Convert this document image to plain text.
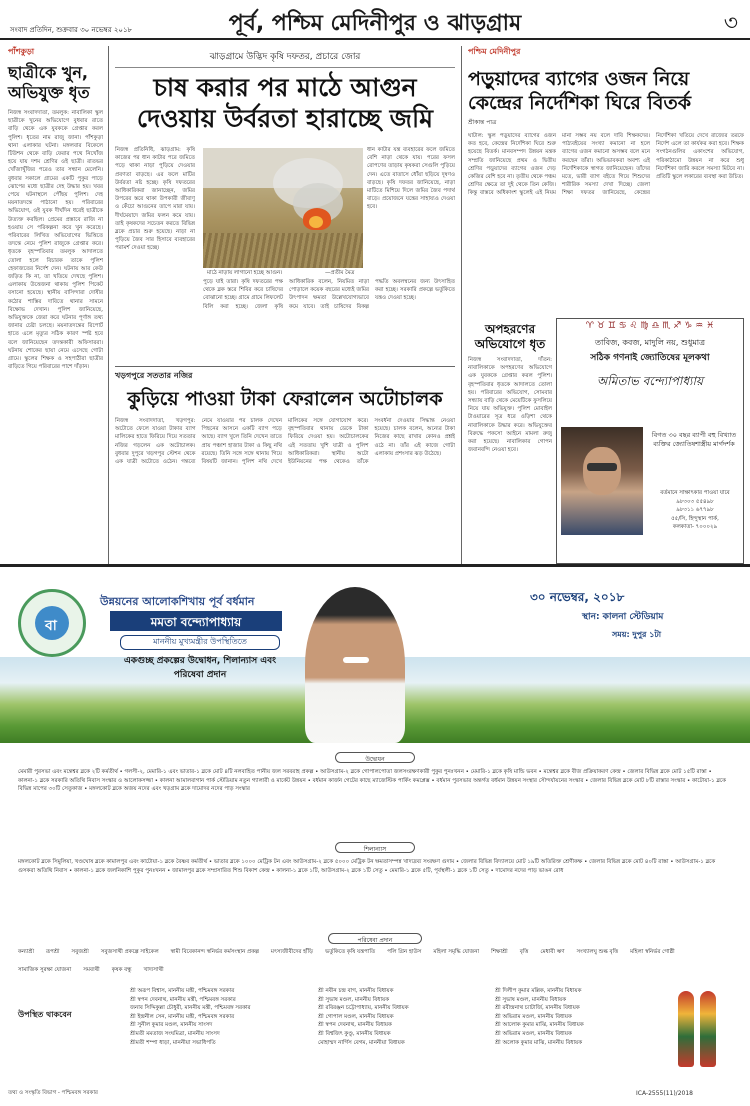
সংবাদ প্রতিদিন, শুক্রবার ৩০ নভেম্বর ২০১৮	পূর্ব, পশ্চিম মেদিনীপুর ও ঝাড়গ্রাম	৩
পাঁশকুড়া
ছাত্রীকে খুন, অভিযুক্ত ধৃত
নিজস্ব সংবাদদাতা, তমলুক: নাবালিকা স্কুল ছাত্রীকে খুনের অভিযোগে বুধবার রাতে বাড়ি থেকে এক যুবককে গ্রেপ্তার করল পুলিশ। ধৃতের নাম রাজু জানা। পাঁশকুড়া থানা এলাকার ঘটনা। মঙ্গলবার বিকেলে টিউশন থেকে বাড়ি ফেরার পথে নিখোঁজ হয়ে যায় দশম শ্রেণির ওই ছাত্রী। রাতভর খোঁজাখুঁজির পরেও তার সন্ধান মেলেনি। বুধবার সকালে গ্রামের একটি পুকুর পাড়ে ঝোপের মধ্যে ছাত্রীর দেহ উদ্ধার হয়। খবর পেয়ে ঘটনাস্থলে পৌঁছয় পুলিশ। দেহ ময়নাতদন্তে পাঠানো হয়। পরিবারের অভিযোগ, ওই যুবক দীর্ঘদিন ধরেই ছাত্রীকে উত্যক্ত করছিল। প্রেমের প্রস্তাবে রাজি না হওয়ায় সে পরিকল্পনা করে খুন করেছে। পরিবারের লিখিত অভিযোগের ভিত্তিতে তদন্তে নেমে পুলিশ রাজুকে গ্রেপ্তার করে। ধৃতকে বৃহস্পতিবার তমলুক আদালতে তোলা হলে বিচারক তাকে পুলিশ হেফাজতের নির্দেশ দেন। ঘটনায় আর কেউ জড়িত কি না, তা খতিয়ে দেখছে পুলিশ। এলাকায় উত্তেজনা থাকায় পুলিশ পিকেট বসানো হয়েছে। স্থানীয় বাসিন্দারা দোষীর কঠোর শাস্তির দাবিতে থানার সামনে বিক্ষোভ দেখান। পুলিশ জানিয়েছে, অভিযুক্তকে জেরা করে ঘটনার পূর্ণাঙ্গ তথ্য জানার চেষ্টা চলছে। ময়নাতদন্তের রিপোর্ট হাতে এলে মৃত্যুর সঠিক কারণ স্পষ্ট হবে বলে জানিয়েছেন তদন্তকারী অফিসাররা। ঘটনায় শোকের ছায়া নেমে এসেছে গোটা গ্রামে। স্কুলের শিক্ষক ও সহপাঠীরা ছাত্রীর বাড়িতে গিয়ে পরিবারের পাশে দাঁড়ান।
ঝাড়গ্রামে উদ্ভিদ কৃষি দফতর, প্রচারে জোর
চাষ করার পর মাঠে আগুন
দেওয়ায় উর্বরতা হারাচ্ছে জমি
নিজস্ব প্রতিনিধি, ঝাড়গ্রাম: কৃষি কাজের পর ধান কাটার পরে জমিতে পড়ে থাকা নাড়া পুড়িয়ে দেওয়ার প্রবণতা বাড়ছে। এর ফলে মাটির উর্বরতা নষ্ট হচ্ছে। কৃষি দফতরের আধিকারিকরা জানাচ্ছেন, জমির উপরের স্তরে থাকা উপকারী জীবাণু ও কেঁচো আগুনের তাপে মারা যায়। দীর্ঘমেয়াদে জমির ফলন কমে যায়। তাই কৃষকদের সচেতন করতে বিভিন্ন ব্লকে প্রচার শুরু হয়েছে। নাড়া না পুড়িয়ে জৈব সার হিসাবে ব্যবহারের পরামর্শ দেওয়া হচ্ছে।
মাঠে নাড়ায় লাগানো হচ্ছে আগুন।	—প্রতীম মৈত্র
ধান কাটার যন্ত্র ব্যবহারের ফলে জমিতে বেশি নাড়া থেকে যায়। পরের ফসল রোপণের তাড়ায় কৃষকরা সেগুলি পুড়িয়ে দেন। এতে বাতাসে ধোঁয়া ছড়িয়ে দূষণও বাড়ছে। কৃষি দফতর জানিয়েছে, নাড়া মাটিতে মিশিয়ে দিলে জমির জৈব পদার্থ বাড়ে। প্রয়োজনে যন্ত্রের সাহায্যও দেওয়া হবে।
পুড়ে যাই তারা। কৃষি দফতরের পক্ষ থেকে ব্লক স্তরে শিবির করে চাষিদের বোঝানো হচ্ছে। গ্রামে গ্রামে লিফলেট বিলি করা হচ্ছে। জেলা কৃষি আধিকারিক বলেন, নিয়মিত নাড়া পোড়ালে কয়েক বছরের মধ্যেই জমির উৎপাদন ক্ষমতা উল্লেখযোগ্যভাবে কমে যাবে। তাই চাষিদের বিকল্প পদ্ধতি অবলম্বনের জন্য উৎসাহিত করা হচ্ছে। সরকারি প্রকল্পে ভর্তুকিতে যন্ত্রও দেওয়া হচ্ছে।
খড়গপুরে সততার নজির
কুড়িয়ে পাওয়া টাকা ফেরালেন অটোচালক
নিজস্ব সংবাদদাতা, খড়গপুর: অটোতে ফেলে যাওয়া টাকার ব্যাগ মালিকের হাতে ফিরিয়ে দিয়ে সততার নজির গড়লেন এক অটোচালক। বুধবার দুপুরে খড়গপুর স্টেশন থেকে এক যাত্রী অটোতে ওঠেন। গন্তব্যে নেমে যাওয়ার পর চালক দেখেন পিছনের আসনে একটি ব্যাগ পড়ে আছে। ব্যাগ খুলে তিনি দেখেন তাতে প্রায় পঞ্চাশ হাজার টাকা ও কিছু নথি রয়েছে। তিনি সঙ্গে সঙ্গে থানায় গিয়ে বিষয়টি জানান। পুলিশ নথি দেখে মালিকের সঙ্গে যোগাযোগ করে। বৃহস্পতিবার থানায় ডেকে টাকা ফিরিয়ে দেওয়া হয়। অটোচালকের এই সততায় খুশি যাত্রী ও পুলিশ আধিকারিকরা। স্থানীয় অটো ইউনিয়নের পক্ষ থেকেও তাঁকে সংবর্ধনা দেওয়ার সিদ্ধান্ত নেওয়া হয়েছে। চালক বলেন, অন্যের টাকা নিজের কাছে রাখার কোনও প্রশ্নই ওঠে না। তাঁর এই কাজে গোটা এলাকায় প্রশংসার ঝড় উঠেছে।
পশ্চিম মেদিনীপুর
পড়ুয়াদের ব্যাগের ওজন নিয়ে
কেন্দ্রের নির্দেশিকা ঘিরে বিতর্ক
শ্রীকান্ত পাত্র
ঘাটাল: স্কুল পড়ুয়াদের ব্যাগের ওজন কত হবে, কেন্দ্রের নির্দেশিকা ঘিরে শুরু হয়েছে বিতর্ক। মানবসম্পদ উন্নয়ন মন্ত্রক সম্প্রতি জানিয়েছে প্রথম ও দ্বিতীয় শ্রেণির পড়ুয়াদের ব্যাগের ওজন দেড় কেজির বেশি হবে না। তৃতীয় থেকে পঞ্চম শ্রেণির ক্ষেত্রে তা দুই থেকে তিন কেজি। কিন্তু বাস্তবে অধিকাংশ স্কুলেই এই নিয়ম মানা সম্ভব নয় বলে দাবি শিক্ষকদের। পাঠ্যবইয়ের সংখ্যা কমানো না হলে ব্যাগের ওজন কমানো অসম্ভব বলে মনে করছেন তাঁরা। অভিভাবকরা অবশ্য এই নির্দেশিকাকে স্বাগত জানিয়েছেন। তাঁদের মতে, ভারী ব্যাগ বইতে গিয়ে শিশুদের শারীরিক সমস্যা দেখা দিচ্ছে। জেলা শিক্ষা দফতর জানিয়েছে, কেন্দ্রের নির্দেশিকা খতিয়ে দেখে রাজ্যের তরফে নির্দেশ এলে তা কার্যকর করা হবে। শিক্ষক সংগঠনগুলির একাংশের অভিযোগ, পরিকাঠামো উন্নয়ন না করে শুধু নির্দেশিকা জারি করলে সমস্যা মিটবে না। প্রতিটি স্কুলে লকারের ব্যবস্থা করা উচিত।
অপহরণের অভিযোগে ধৃত
নিজস্ব সংবাদদাতা, দাঁতন: নাবালিকাকে অপহরণের অভিযোগে এক যুবককে গ্রেপ্তার করল পুলিশ। বৃহস্পতিবার ধৃতকে আদালতে তোলা হয়। পরিবারের অভিযোগ, সোমবার সন্ধ্যায় বাড়ি থেকে মেয়েটিকে ফুসলিয়ে নিয়ে যায় অভিযুক্ত। পুলিশ মোবাইল টাওয়ারের সূত্র ধরে ওড়িশা থেকে নাবালিকাকে উদ্ধার করে। অভিযুক্তের বিরুদ্ধে পকসো আইনে মামলা রুজু করা হয়েছে। নাবালিকার গোপন জবানবন্দি নেওয়া হবে।
♈ ♉ ♊ ♋ ♌ ♍ ♎ ♏ ♐ ♑ ♒ ♓
তাবিজ, কবজ, মাদুলি নয়, শুধুমাত্র
সঠিক গণনাই জ্যোতিষের মূলকথা
অমিতাভ বন্দ্যোপাধ্যায়
বিগত ৩০ বছর ব্যাপী বহু বিখ্যাত ব্যক্তির জ্যোতিষশাস্ত্রীয় মার্গদর্শক
বর্তমানে সাক্ষাৎকার পাওয়া যাবে
৯৮৩০৩ ৫৫৪৯৮
৯৮৩১১ ৬৭৭৯৮
৫৫/সি, হিন্দুস্থান পার্ক,
কলকাতা- ৭০০০২৯
বা
উন্নয়নের আলোকশিখায় পূর্ব বর্ধমান
মমতা বন্দ্যোপাধ্যায়
মাননীয় মুখ্যমন্ত্রীর উপস্থিতিতে
একগুচ্ছ প্রকল্পের উদ্বোধন, শিলান্যাস এবং
পরিষেবা প্রদান
৩০ নভেম্বর, ২০১৮
স্থান: কালনা স্টেডিয়াম
সময়: দুপুর ১টা
উদ্বোধন
মেমারী পুরসভা এবং মন্তেশ্বর ব্লকে ২টি কর্মতীর্থ • গলসী-২, মেমারি-১ এবং ভাতার-১ ব্লকে মোট ৪টি নলবাহিত পানীয় জল সরবরাহ প্রকল্প • আউসগ্রাম-২ ব্লকে গোপালপোতা জলসংরক্ষণকারী পুকুর পুনঃখনন • মেমারি-১ ব্লকে কৃষি মান্ডি ভবন • মন্তেশ্বর ব্লকে বীজ প্রক্রিয়াকরণ কেন্দ্র • জেলার বিভিন্ন ব্লকে মোট ১৫টি রাস্তা • কালনা-১ ব্লকে সরকারি অতিথি নিবাস সংস্কার ও আলোকসজ্জা • কালনা আমালবাগান পার্ক স্টেডিয়াম নতুন গ্যালারী ও মার্কেট উন্নয়ন • বর্ধমান কার্জন গেটের কাছে ম্যাজেস্টিক পার্কিং কমপ্লেক্স • বর্ধমান পুরসভার অন্তর্গত বর্ধমান উন্নয়ন সংস্থার সৌন্দর্যায়নের সংস্কার • জেলার বিভিন্ন ব্লকে মোট ৮টি রাস্তার সংস্কার • কাটোয়া-১ ব্লকে বিভিন্ন মাপের ৩০টি সেতুকাজ • মঙ্গলকোট ব্লকে অজয় নদের এবং খড়গ্রাম ব্লকে দামোদর নদের পাড় সংস্কার
শিলান্যাস
মঙ্গলকোট ব্লকে সিমুলিয়া, খণ্ডঘোষ ব্লকে কামালপুর এবং কাটোয়া-১ ব্লকে বৈষ্ণব কর্মতীর্থ • ভাতার ব্লকে ১০০০ মেট্রিক টন এবং আউসগ্রাম-২ ব্লকে ৫০০০ মেট্রিক টন ক্ষমতাসম্পন্ন খাদ্যদ্রব্য সংরক্ষণ গুদাম • জেলার বিভিন্ন বিদ্যালয়ে মোট ১৯টি অতিরিক্ত শ্রেণীকক্ষ • জেলার বিভিন্ন ব্লকে মোট ৪০টি রাস্তা • আউসগ্রাম-১ ব্লকে গুসকরা অতিথি নিবাস • কালনা-১ ব্লকে জলনিকাশি পুকুর পুনঃখনন • জামালপুর ব্লকে সম্প্রসারিত শিশু বিকাশ কেন্দ্র • কালনা-১ ব্লকে ১টি, আউসগ্রাম-২ ব্লকে ১টি সেতু • মেমারি-১ ব্লকে ৫টি, পূর্বস্থলী-১ ব্লকে ১টি সেতু • দামোদর নদের পাড় ভাঙন রোধ
পরিষেবা প্রদান
কন্যাশ্রী রূপশ্রী সবুজশ্রী সবুজসাথী প্রকল্পে সাইকেল স্বামী বিবেকানন্দ স্বনির্ভর কর্মসংস্থান প্রকল্প মৎস্যজীবীদের হাঁড়ি ভর্তুকিতে কৃষি যন্ত্রপাতি পলি গ্রিন হাউস মহিলা সমৃদ্ধি যোজনা শিক্ষাশ্রী বৃত্তি মেধাবী ঋণ সংখ্যালঘু শুল্ক বৃত্তি মহিলা স্বনির্ভর গোষ্ঠী
সামাজিক সুরক্ষা যোজনা সমব্যথী কৃষক বন্ধু খাদ্যসাথী
উপস্থিত থাকবেন
শ্রী অরূপ বিশ্বাস, মাননীয় মন্ত্রী, পশ্চিমবঙ্গ সরকার
শ্রী স্বপন দেবনাথ, মাননীয় মন্ত্রী, পশ্চিমবঙ্গ সরকার
জনাব সিদ্দিকুল্লা চৌধুরী, মাননীয় মন্ত্রী, পশ্চিমবঙ্গ সরকার
শ্রী ইন্দ্রনীল সেন, মাননীয় মন্ত্রী, পশ্চিমবঙ্গ সরকার
শ্রী সুনীল কুমার মণ্ডল, মাননীয় সাংসদ
শ্রীমতী মমতাজ সংঘমিত্রা, মাননীয় সাংসদ
শ্রীমতী শম্পা ধাড়া, মাননীয়া সভাধিপতি
শ্রী নবীন চন্দ্র বাগ, মাননীয় বিধায়ক
শ্রী সুভাষ মণ্ডল, মাননীয় বিধায়ক
শ্রী রবিরঞ্জন চট্টোপাধ্যায়, মাননীয় বিধায়ক
শ্রী গোপাল মণ্ডল, মাননীয় বিধায়ক
শ্রী স্বপন দেবনাথ, মাননীয় বিধায়ক
শ্রী বিশ্বজিৎ কুণ্ডু, মাননীয় বিধায়ক
মোহাম্মদ নার্গিস বেগম, মাননীয়া বিধায়ক
শ্রী দিলীপ কুমার মল্লিক, মাননীয় বিধায়ক
শ্রী সুভাষ মণ্ডল, মাননীয় বিধায়ক
শ্রী রবীন্দ্রনাথ চ্যাটার্জি, মাননীয় বিধায়ক
শ্রী অভিরাম মণ্ডল, মাননীয় বিধায়ক
শ্রী আলোক কুমার মাঝি, মাননীয় বিধায়ক
শ্রী অভিরাম মণ্ডল, মাননীয় বিধায়ক
শ্রী অলোক কুমার মাঝি, মাননীয় বিধায়ক
তথ্য ও সংস্কৃতি বিভাগ - পশ্চিমবঙ্গ সরকার	ICA-2555(11)/2018
